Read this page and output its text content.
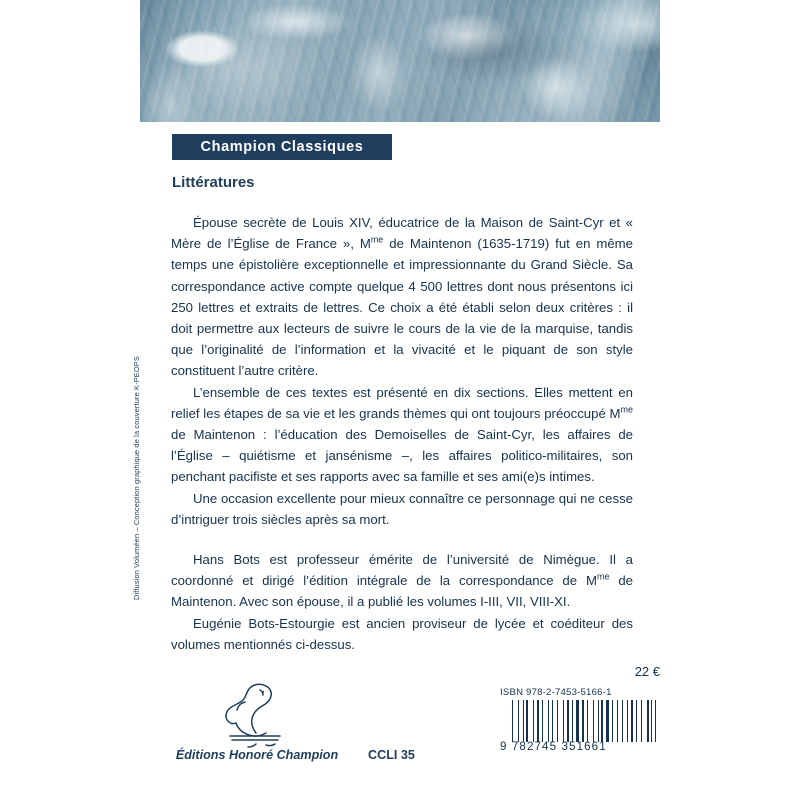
Diffusion Voluméen – Conception graphique de la couverture K-PEOPS
Champion Classiques
Littératures

Épouse secrète de Louis XIV, éducatrice de la Maison de Saint-Cyr et « Mère de l’Église de France », $M^{me}$ de Maintenon (1635-1719) fut en même temps une épistolière exceptionnelle et impressionnante du Grand Siècle. Sa correspondance active compte quelque 4 500 lettres dont nous présentons ici 250 lettres et extraits de lettres. Ce choix a été établi selon deux critères : il doit permettre aux lecteurs de suivre le cours de la vie de la marquise, tandis que l’originalité de l’information et la vivacité et le piquant de son style constituent l’autre critère.

L’ensemble de ces textes est présenté en dix sections. Elles mettent en relief les étapes de sa vie et les grands thèmes qui ont toujours préoccupé $M^{me}$ de Maintenon : l’éducation des Demoiselles de Saint-Cyr, les affaires de l’Église – quiétisme et jansénisme –, les affaires politico-militaires, son penchant pacifiste et ses rapports avec sa famille et ses ami(e)s intimes.

Une occasion excellente pour mieux connaître ce personnage qui ne cesse d’intriguer trois siècles après sa mort.

Hans Bots est professeur émérite de l’université de Nimègue. Il a coordonné et dirigé l’édition intégrale de la correspondance de $M^{me}$ de Maintenon. Avec son épouse, il a publié les volumes I-III, VII, VIII-XI.

Eugénie Bots-Estourgie est ancien proviseur de lycée et coéditeur des volumes mentionnés ci-dessus.

Éditions Honoré Champion	CCLI 35
22 €
ISBN 978-2-7453-5166-1
9 782745 351661
